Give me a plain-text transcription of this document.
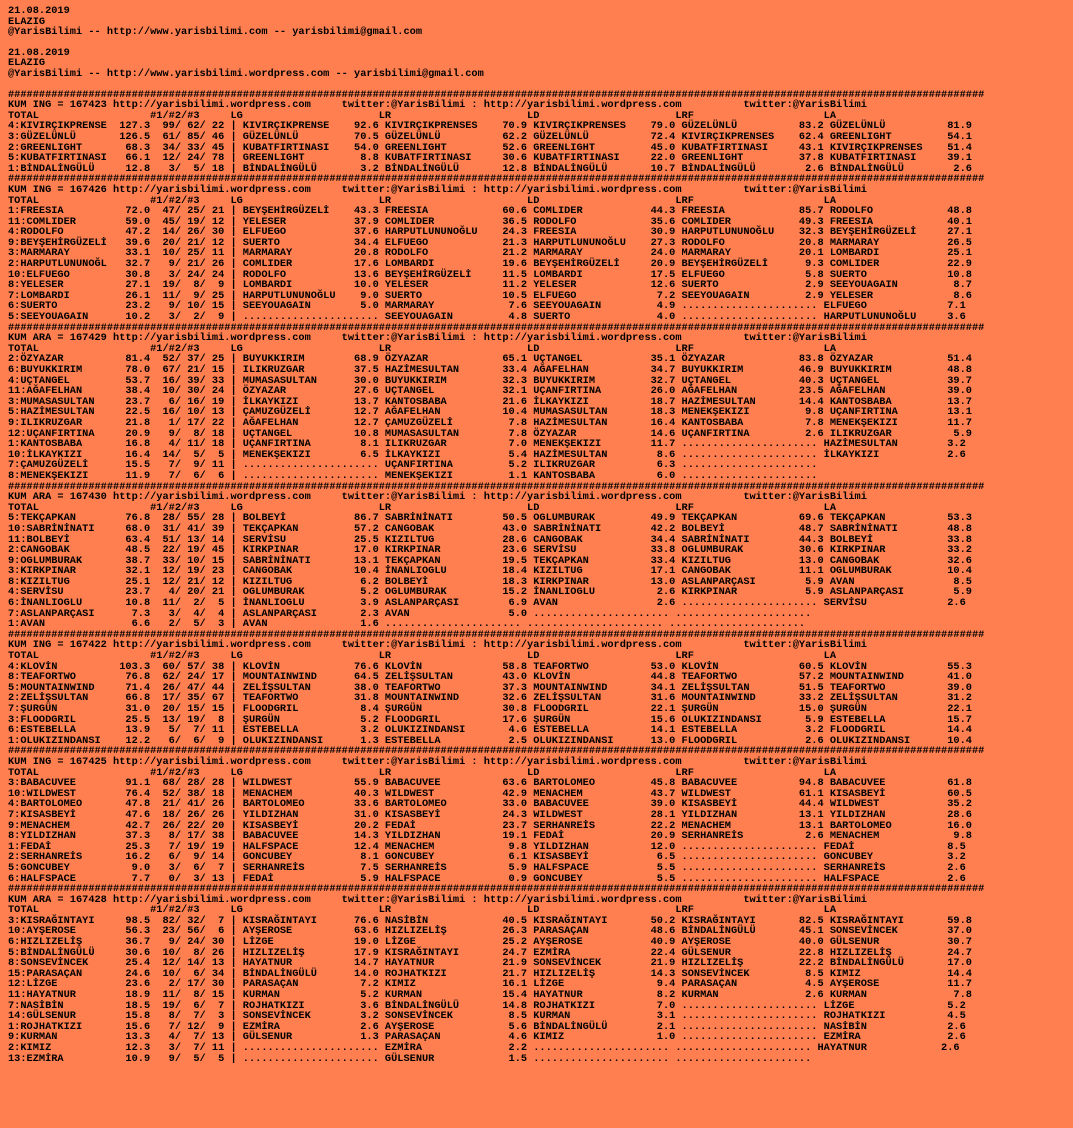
21.08.2019
ELAZIG
@YarisBilimi -- http://www.yarisbilimi.com -- yarisbilimi@gmail.com
21.08.2019
ELAZIG
@YarisBilimi -- http://www.yarisbilimi.wordpress.com -- yarisbilimi@gmail.com
##############################################################################################################################################################
KUM ING = 167423 http://yarisbilimi.wordpress.com     twitter:@YarisBilimi : http://yarisbilimi.wordpress.com          twitter:@YarisBilimi
TOTAL                  #1/#2/#3     LG                      LR                      LD                      LRF                     LA
4:KIVIRÇIKPRENSE  127.3  99/ 62/ 22 | KIVIRÇIKPRENSE    92.6 KIVIRÇIKPRENSES    70.9 KIVIRÇIKPRENSES    79.0 GÜZELÜNLÜ          83.2 GÜZELÜNLÜ          81.9
3:GÜZELÜNLÜ       126.5  61/ 85/ 46 | GÜZELÜNLÜ         70.5 GÜZELÜNLÜ          62.2 GÜZELÜNLÜ          72.4 KIVIRÇIKPRENSES    62.4 GREENLIGHT         54.1
2:GREENLIGHT       68.3  34/ 33/ 45 | KUBATFIRTINASI    54.0 GREENLIGHT         52.6 GREENLIGHT         45.0 KUBATFIRTINASI     43.1 KIVIRÇIKPRENSES    51.4
5:KUBATFIRTINASI   66.1  12/ 24/ 78 | GREENLIGHT         8.8 KUBATFIRTINASI     30.6 KUBATFIRTINASI     22.0 GREENLIGHT         37.8 KUBATFIRTINASI     39.1
1:BİNDALİNGÜLÜ     12.8   3/  5/ 18 | BİNDALİNGÜLÜ       3.2 BİNDALİNGÜLÜ       12.8 BİNDALİNGÜLÜ       10.7 BİNDALİNGÜLÜ        2.6 BİNDALİNGÜLÜ        2.6
##############################################################################################################################################################
KUM ING = 167426 http://yarisbilimi.wordpress.com     twitter:@YarisBilimi : http://yarisbilimi.wordpress.com          twitter:@YarisBilimi
TOTAL                  #1/#2/#3     LG                      LR                      LD                      LRF                     LA
1:FREESIA          72.0  47/ 25/ 21 | BEYŞEHİRGÜZELİ    43.3 FREESIA            60.6 COMLIDER           44.3 FREESIA            85.7 RODOLFO            48.8
11:COMLIDER        59.0  45/ 19/ 12 | YELESER           37.9 COMLIDER           36.5 RODOLFO            35.6 COMLIDER           49.3 FREESIA            40.1
4:RODOLFO          47.2  14/ 26/ 30 | ELFUEGO           37.6 HARPUTLUNUNOĞLU    24.3 FREESIA            30.9 HARPUTLUNUNOĞLU    32.3 BEYŞEHİRGÜZELİ     27.1
9:BEYŞEHİRGÜZELİ   39.6  20/ 21/ 12 | SUERTO            34.4 ELFUEGO            21.3 HARPUTLUNUNOĞLU    27.3 RODOLFO            20.8 MARMARAY           26.5
3:MARMARAY         33.1  10/ 25/ 11 | MARMARAY          20.8 RODOLFO            21.2 MARMARAY           24.0 MARMARAY           20.1 LOMBARDI           25.1
2:HARPUTLUNUNOĞL   32.7   9/ 21/ 26 | COMLIDER          17.6 LOMBARDI           19.6 BEYŞEHİRGÜZELİ     20.9 BEYŞEHİRGÜZELİ      9.3 COMLIDER           22.9
10:ELFUEGO         30.8   3/ 24/ 24 | RODOLFO           13.6 BEYŞEHİRGÜZELİ     11.5 LOMBARDI           17.5 ELFUEGO             5.8 SUERTO             10.8
8:YELESER          27.1  19/  8/  9 | LOMBARDI          10.0 YELESER            11.2 YELESER            12.6 SUERTO              2.9 SEEYOUAGAIN         8.7
7:LOMBARDI         26.1  11/  9/ 25 | HARPUTLUNUNOĞLU    9.0 SUERTO             10.5 ELFUEGO             7.2 SEEYOUAGAIN         2.9 YELESER             8.6
6:SUERTO           23.2   9/ 10/ 15 | SEEYOUAGAIN        5.0 MARMARAY            7.6 SEEYOUAGAIN         4.9 ...................... ELFUEGO             7.1
5:SEEYOUAGAIN      10.2   3/  2/  9 | ...................... SEEYOUAGAIN         4.8 SUERTO              4.0 ...................... HARPUTLUNUNOĞLU     3.6
##############################################################################################################################################################
KUM ARA = 167429 http://yarisbilimi.wordpress.com     twitter:@YarisBilimi : http://yarisbilimi.wordpress.com          twitter:@YarisBilimi
TOTAL                  #1/#2/#3     LG                      LR                      LD                      LRF                     LA
2:ÖZYAZAR          81.4  52/ 37/ 25 | BUYUKKIRIM        68.9 ÖZYAZAR            65.1 UÇTANGEL           35.1 ÖZYAZAR            83.8 ÖZYAZAR            51.4
6:BUYUKKIRIM       78.0  67/ 21/ 15 | ILIKRUZGAR        37.5 HAZİMESULTAN       33.4 AĞAFELHAN          34.7 BUYUKKIRIM         46.9 BUYUKKIRIM         48.8
4:UÇTANGEL         53.7  16/ 39/ 33 | MUMASASULTAN      30.0 BUYUKKIRIM         32.3 BUYUKKIRIM         32.7 UÇTANGEL           40.3 UÇTANGEL           39.7
11:AĞAFELHAN       38.4  10/ 30/ 24 | ÖZYAZAR           27.6 UÇTANGEL           32.1 UÇANFIRTINA        26.0 AĞAFELHAN          23.5 AĞAFELHAN          39.0
3:MUMASASULTAN     23.7   6/ 16/ 19 | İLKAYKIZI         13.7 KANTOSBABA         21.6 İLKAYKIZI          18.7 HAZİMESULTAN       14.4 KANTOSBABA         13.7
5:HAZİMESULTAN     22.5  16/ 10/ 13 | ÇAMUZGÜZELİ       12.7 AĞAFELHAN          10.4 MUMASASULTAN       18.3 MENEKŞEKIZI         9.8 UÇANFIRTINA        13.1
9:ILIKRUZGAR       21.8   1/ 17/ 22 | AĞAFELHAN         12.7 ÇAMUZGÜZELİ         7.8 HAZİMESULTAN       16.4 KANTOSBABA          7.8 MENEKŞEKIZI        11.7
12:UÇANFIRTINA     20.9   9/  8/ 18 | UÇTANGEL          10.8 MUMASASULTAN        7.8 ÖZYAZAR            14.6 UÇANFIRTINA         2.6 ILIKRUZGAR          5.9
1:KANTOSBABA       16.8   4/ 11/ 18 | UÇANFIRTINA        8.1 ILIKRUZGAR          7.0 MENEKŞEKIZI        11.7 ...................... HAZİMESULTAN        3.2
10:İLKAYKIZI       16.4  14/  5/  5 | MENEKŞEKIZI        6.5 İLKAYKIZI           5.4 HAZİMESULTAN        8.6 ...................... İLKAYKIZI           2.6
7:ÇAMUZGÜZELİ      15.5   7/  9/ 11 | ...................... UÇANFIRTINA         5.2 ILIKRUZGAR          6.3 ......................
8:MENEKŞEKIZI      11.9   7/  6/  6 | ...................... MENEKŞEKIZI         1.1 KANTOSBABA          6.0 ......................
##############################################################################################################################################################
KUM ARA = 167430 http://yarisbilimi.wordpress.com     twitter:@YarisBilimi : http://yarisbilimi.wordpress.com          twitter:@YarisBilimi
TOTAL                  #1/#2/#3     LG                      LR                      LD                      LRF                     LA
5:TEKÇAPKAN        76.8  28/ 55/ 28 | BOLBEYİ           86.7 SABRİNİNATI        50.5 OGLUMBURAK         49.9 TEKÇAPKAN          69.6 TEKÇAPKAN          53.3
10:SABRİNİNATI     68.0  31/ 41/ 39 | TEKÇAPKAN         57.2 CANGOBAK           43.0 SABRİNİNATI        42.2 BOLBEYİ            48.7 SABRİNİNATI        48.8
11:BOLBEYİ         63.4  51/ 13/ 14 | SERVİSU           25.5 KIZILTUG           28.6 CANGOBAK           34.4 SABRİNİNATI        44.3 BOLBEYİ            33.8
2:CANGOBAK         48.5  22/ 19/ 45 | KIRKPINAR         17.0 KIRKPINAR          23.6 SERVİSU            33.8 OGLUMBURAK         30.6 KIRKPINAR          33.2
9:OGLUMBURAK       38.7  33/ 10/ 15 | SABRİNİNATI       13.1 TEKÇAPKAN          19.5 TEKÇAPKAN          33.4 KIZILTUG           13.0 CANGOBAK           32.6
3:KIRKPINAR        32.1  12/ 19/ 23 | CANGOBAK          10.4 İNANLIOGLU         18.4 KIZILTUG           17.1 CANGOBAK           11.1 OGLUMBURAK         10.4
8:KIZILTUG         25.1  12/ 21/ 12 | KIZILTUG           6.2 BOLBEYİ            18.3 KIRKPINAR          13.0 ASLANPARÇASI        5.9 AVAN                8.5
4:SERVİSU          23.7   4/ 20/ 21 | OGLUMBURAK         5.2 OGLUMBURAK         15.2 İNANLIOGLU          2.6 KIRKPINAR           5.9 ASLANPARÇASI        5.9
6:İNANLIOGLU       10.8  11/  2/  5 | İNANLIOGLU         3.9 ASLANPARÇASI        6.9 AVAN                2.6 ...................... SERVİSU             2.6
7:ASLANPARÇASI      7.3   3/  4/  4 | ASLANPARÇASI       2.3 AVAN                5.0 ...................... ......................
1:AVAN              6.6   2/  5/  3 | AVAN               1.6 ...................... ...................... ......................
##############################################################################################################################################################
KUM ING = 167422 http://yarisbilimi.wordpress.com     twitter:@YarisBilimi : http://yarisbilimi.wordpress.com          twitter:@YarisBilimi
TOTAL                  #1/#2/#3     LG                      LR                      LD                      LRF                     LA
4:KLOVİN          103.3  60/ 57/ 38 | KLOVİN            76.6 KLOVİN             58.8 TEAFORTWO          53.0 KLOVİN             60.5 KLOVİN             55.3
8:TEAFORTWO        76.8  62/ 24/ 17 | MOUNTAINWIND      64.5 ZELİŞSULTAN        43.0 KLOVİN             44.8 TEAFORTWO          57.2 MOUNTAINWIND       41.0
5:MOUNTAINWIND     71.4  26/ 47/ 44 | ZELİŞSULTAN       38.0 TEAFORTWO          37.3 MOUNTAINWIND       34.1 ZELİŞSULTAN        51.5 TEAFORTWO          39.0
2:ZELİŞSULTAN      66.8  17/ 35/ 67 | TEAFORTWO         31.8 MOUNTAINWIND       32.6 ZELİŞSULTAN        31.6 MOUNTAINWIND       33.2 ZELİŞSULTAN        31.2
7:ŞURGÜN           31.0  20/ 15/ 15 | FLOODGRIL          8.4 ŞURGÜN             30.8 FLOODGRIL          22.1 ŞURGÜN             15.0 ŞURGÜN             22.1
3:FLOODGRIL        25.5  13/ 19/  8 | ŞURGÜN             5.2 FLOODGRIL          17.6 ŞURGÜN             15.6 OLUKIZINDANSI       5.9 ESTEBELLA          15.7
6:ESTEBELLA        13.9   5/  7/ 11 | ESTEBELLA          3.2 OLUKIZINDANSI       4.6 ESTEBELLA          14.1 ESTEBELLA           3.2 FLOODGRIL          14.4
1:OLUKIZINDANSI    12.2   6/  6/  9 | OLUKIZINDANSI      1.3 ESTEBELLA           2.5 OLUKIZINDANSI      13.0 FLOODGRIL           2.6 OLUKIZINDANSI      10.4
##############################################################################################################################################################
KUM ING = 167425 http://yarisbilimi.wordpress.com     twitter:@YarisBilimi : http://yarisbilimi.wordpress.com          twitter:@YarisBilimi
TOTAL                  #1/#2/#3     LG                      LR                      LD                      LRF                     LA
3:BABACUVEE        91.1  68/ 28/ 28 | WILDWEST          55.9 BABACUVEE          63.6 BARTOLOMEO         45.8 BABACUVEE          94.8 BABACUVEE          61.8
10:WILDWEST        76.4  52/ 38/ 18 | MENACHEM          40.3 WILDWEST           42.9 MENACHEM           43.7 WILDWEST           61.1 KISASBEYİ          60.5
4:BARTOLOMEO       47.8  21/ 41/ 26 | BARTOLOMEO        33.6 BARTOLOMEO         33.0 BABACUVEE          39.0 KISASBEYİ          44.4 WILDWEST           35.2
7:KISASBEYİ        47.6  18/ 26/ 26 | YILDIZHAN         31.0 KISASBEYİ          24.3 WILDWEST           28.1 YILDIZHAN          13.1 YILDIZHAN          28.6
9:MENACHEM         42.7  26/ 22/ 20 | KISASBEYİ         20.2 FEDAİ              23.7 SERHANREİS         22.2 MENACHEM           13.1 BARTOLOMEO         16.0
8:YILDIZHAN        37.3   8/ 17/ 38 | BABACUVEE         14.3 YILDIZHAN          19.1 FEDAİ              20.9 SERHANREİS          2.6 MENACHEM            9.8
1:FEDAİ            25.3   7/ 19/ 19 | HALFSPACE         12.4 MENACHEM            9.8 YILDIZHAN          12.0 ...................... FEDAİ               8.5
2:SERHANREİS       16.2   6/  9/ 14 | GONCUBEY           8.1 GONCUBEY            6.1 KISASBEYİ           6.5 ...................... GONCUBEY            3.2
5:GONCUBEY          9.0   3/  6/  7 | SERHANREİS         7.5 SERHANREİS          5.9 HALFSPACE           5.5 ...................... SERHANREİS          2.6
6:HALFSPACE         7.7   0/  3/ 13 | FEDAİ              5.9 HALFSPACE           0.9 GONCUBEY            5.5 ...................... HALFSPACE           2.6
##############################################################################################################################################################
KUM ARA = 167428 http://yarisbilimi.wordpress.com     twitter:@YarisBilimi : http://yarisbilimi.wordpress.com          twitter:@YarisBilimi
TOTAL                  #1/#2/#3     LG                      LR                      LD                      LRF                     LA
3:KISRAĞINTAYI     98.5  82/ 32/  7 | KISRAĞINTAYI      76.6 NASİBİN            40.5 KISRAĞINTAYI       50.2 KISRAĞINTAYI       82.5 KISRAĞINTAYI       59.8
10:AYŞEROSE        56.3  23/ 56/  6 | AYŞEROSE          63.6 HIZLIZELİŞ         26.3 PARASAÇAN          48.6 BİNDALİNGÜLÜ       45.1 SONSEVİNCEK        37.0
6:HIZLIZELİŞ       36.7   9/ 24/ 30 | LİZGE             19.0 LİZGE              25.2 AYŞEROSE           40.9 AYŞEROSE           40.0 GÜLSENUR           30.7
5:BİNDALİNGÜLÜ     30.6  10/  8/ 26 | HIZLIZELİŞ        17.9 KISRAĞINTAYI       24.7 EZMİRA             22.4 GÜLSENUR           22.8 HIZLIZELİŞ         24.7
8:SONSEVİNCEK      25.4  12/ 14/ 13 | HAYATNUR          14.7 HAYATNUR           21.9 SONSEVİNCEK        21.9 HIZLIZELİŞ         22.2 BİNDALİNGÜLÜ       17.0
15:PARASAÇAN       24.6  10/  6/ 34 | BİNDALİNGÜLÜ      14.0 ROJHATKIZI         21.7 HIZLIZELİŞ         14.3 SONSEVİNCEK         8.5 KIMIZ              14.4
12:LİZGE           23.6   2/ 17/ 30 | PARASAÇAN          7.2 KIMIZ              16.1 LİZGE               9.4 PARASAÇAN           4.5 AYŞEROSE           11.7
11:HAYATNUR        18.9  11/  8/ 15 | KURMAN             5.2 KURMAN             15.4 HAYATNUR            8.2 KURMAN              2.6 KURMAN              7.8
7:NASİBİN          18.5  19/  6/  7 | ROJHATKIZI         3.6 BİNDALİNGÜLÜ       14.8 ROJHATKIZI          7.0 ...................... LİZGE               5.2
14:GÜLSENUR        15.8   8/  7/  3 | SONSEVİNCEK        3.2 SONSEVİNCEK         8.5 KURMAN              3.1 ...................... ROJHATKIZI          4.5
1:ROJHATKIZI       15.6   7/ 12/  9 | EZMİRA             2.6 AYŞEROSE            5.6 BİNDALİNGÜLÜ        2.1 ...................... NASİBİN             2.6
9:KURMAN           13.3   4/  7/ 13 | GÜLSENUR           1.3 PARASAÇAN           4.6 KIMIZ               1.0 ...................... EZMİRA              2.6
2:KIMIZ            12.3   3/  7/ 11 | ...................... EZMİRA              2.2 ...................... ...................... HAYATNUR            2.6
13:EZMİRA          10.9   9/  5/  5 | ...................... GÜLSENUR            1.5 ...................... ......................
